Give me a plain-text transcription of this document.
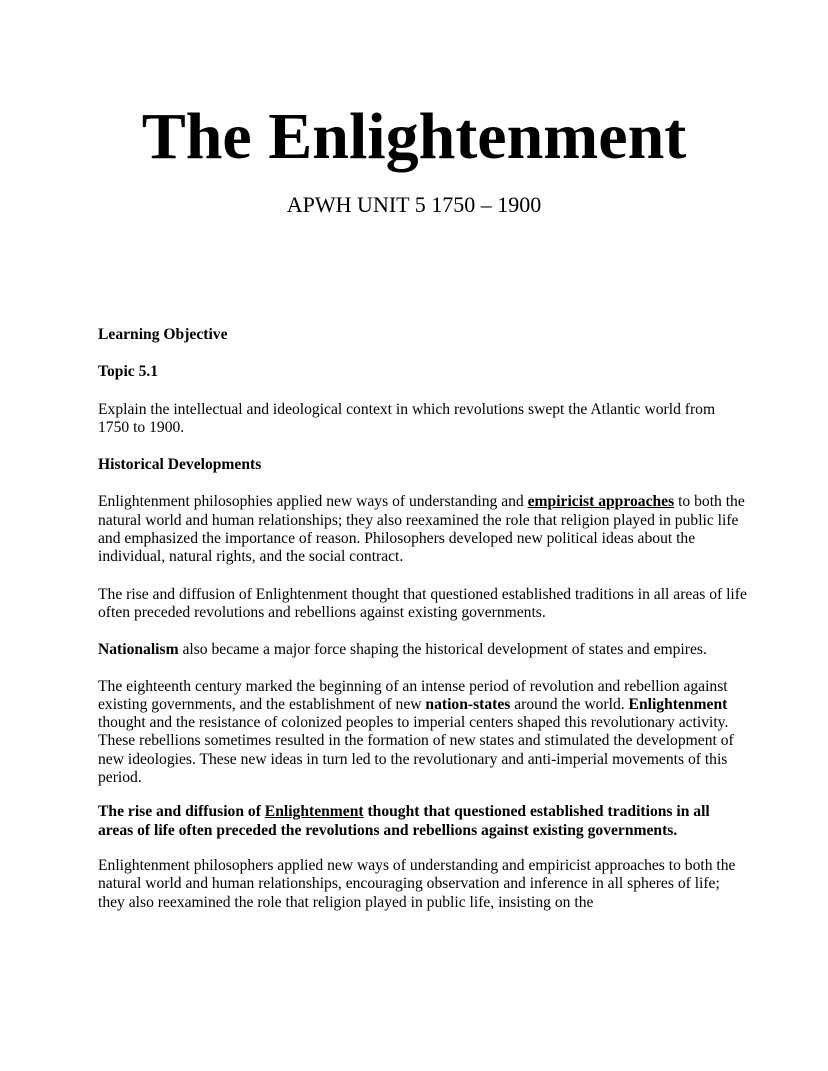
The Enlightenment
APWH UNIT 5 1750 – 1900

Learning Objective

Topic 5.1

Explain the intellectual and ideological context in which revolutions swept the Atlantic world from 1750 to 1900.

Historical Developments

Enlightenment philosophies applied new ways of understanding and empiricist approaches to both the natural world and human relationships; they also reexamined the role that religion played in public life and emphasized the importance of reason. Philosophers developed new political ideas about the individual, natural rights, and the social contract.

The rise and diffusion of Enlightenment thought that questioned established traditions in all areas of life often preceded revolutions and rebellions against existing governments.

Nationalism also became a major force shaping the historical development of states and empires.

The eighteenth century marked the beginning of an intense period of revolution and rebellion against existing governments, and the establishment of new nation-states around the world. Enlightenment thought and the resistance of colonized peoples to imperial centers shaped this revolutionary activity. These rebellions sometimes resulted in the formation of new states and stimulated the development of new ideologies. These new ideas in turn led to the revolutionary and anti-imperial movements of this period.

The rise and diffusion of Enlightenment thought that questioned established traditions in all areas of life often preceded the revolutions and rebellions against existing governments.

Enlightenment philosophers applied new ways of understanding and empiricist approaches to both the natural world and human relationships, encouraging observation and inference in all spheres of life; they also reexamined the role that religion played in public life, insisting on the
